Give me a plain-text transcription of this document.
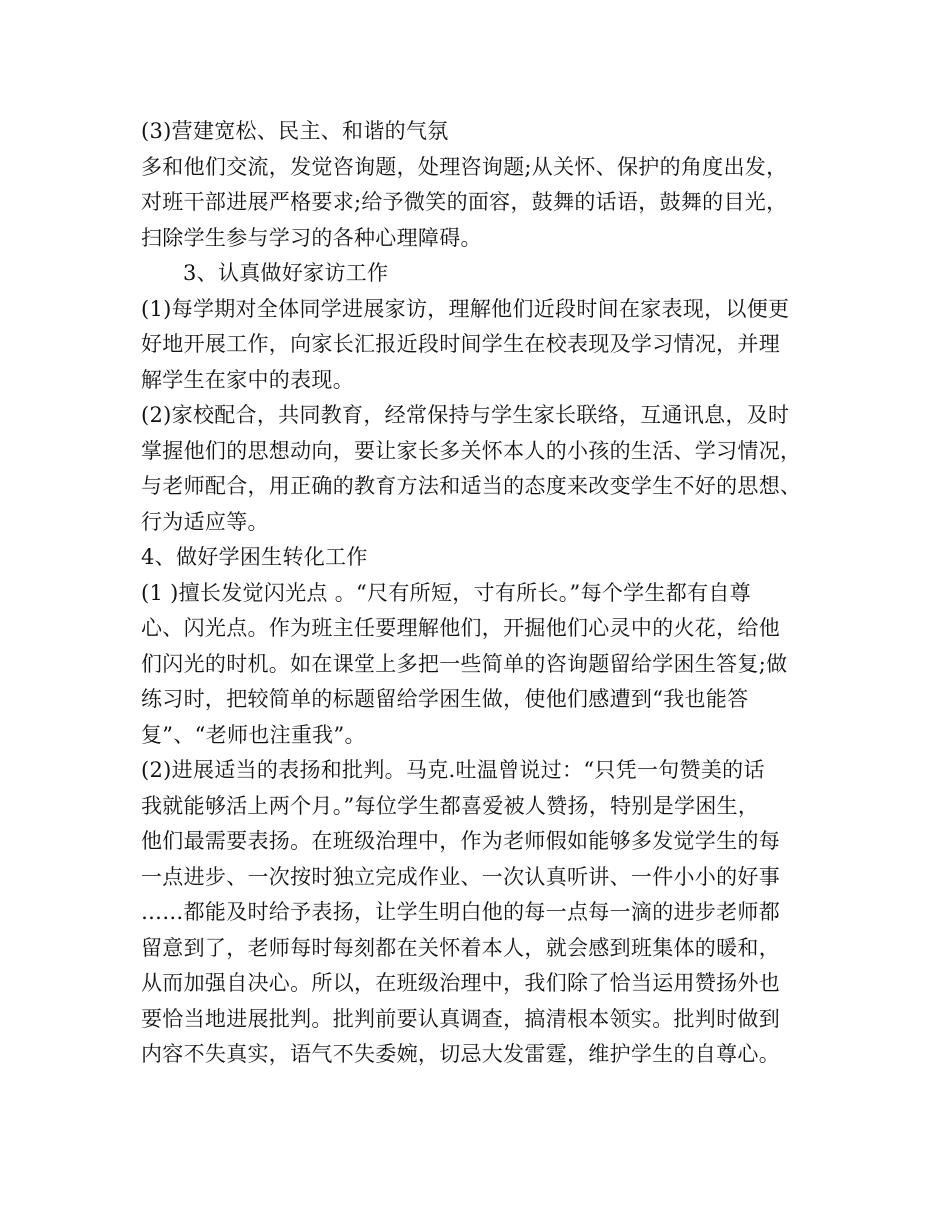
(3)营建宽松、民主、和谐的气氛
多和他们交流，发觉咨询题，处理咨询题;从关怀、保护的角度出发，
对班干部进展严格要求;给予微笑的面容，鼓舞的话语，鼓舞的目光，
扫除学生参与学习的各种心理障碍。
3、认真做好家访工作
(1)每学期对全体同学进展家访，理解他们近段时间在家表现，以便更
好地开展工作，向家长汇报近段时间学生在校表现及学习情况，并理
解学生在家中的表现。
(2)家校配合，共同教育，经常保持与学生家长联络，互通讯息，及时
掌握他们的思想动向，要让家长多关怀本人的小孩的生活、学习情况，
与老师配合，用正确的教育方法和适当的态度来改变学生不好的思想、
行为适应等。
4、做好学困生转化工作
(1 )擅长发觉闪光点 。“尺有所短，寸有所长。”每个学生都有自尊
心、闪光点。作为班主任要理解他们，开掘他们心灵中的火花，给他
们闪光的时机。如在课堂上多把一些简单的咨询题留给学困生答复;做
练习时，把较简单的标题留给学困生做，使他们感遭到“我也能答
复”、“老师也注重我”。
(2)进展适当的表扬和批判。马克.吐温曾说过：“只凭一句赞美的话
我就能够活上两个月。”每位学生都喜爱被人赞扬，特别是学困生，
他们最需要表扬。在班级治理中，作为老师假如能够多发觉学生的每
一点进步、一次按时独立完成作业、一次认真听讲、一件小小的好事
……都能及时给予表扬，让学生明白他的每一点每一滴的进步老师都
留意到了，老师每时每刻都在关怀着本人，就会感到班集体的暖和，
从而加强自决心。所以，在班级治理中，我们除了恰当运用赞扬外也
要恰当地进展批判。批判前要认真调查，搞清根本领实。批判时做到
内容不失真实，语气不失委婉，切忌大发雷霆，维护学生的自尊心。
